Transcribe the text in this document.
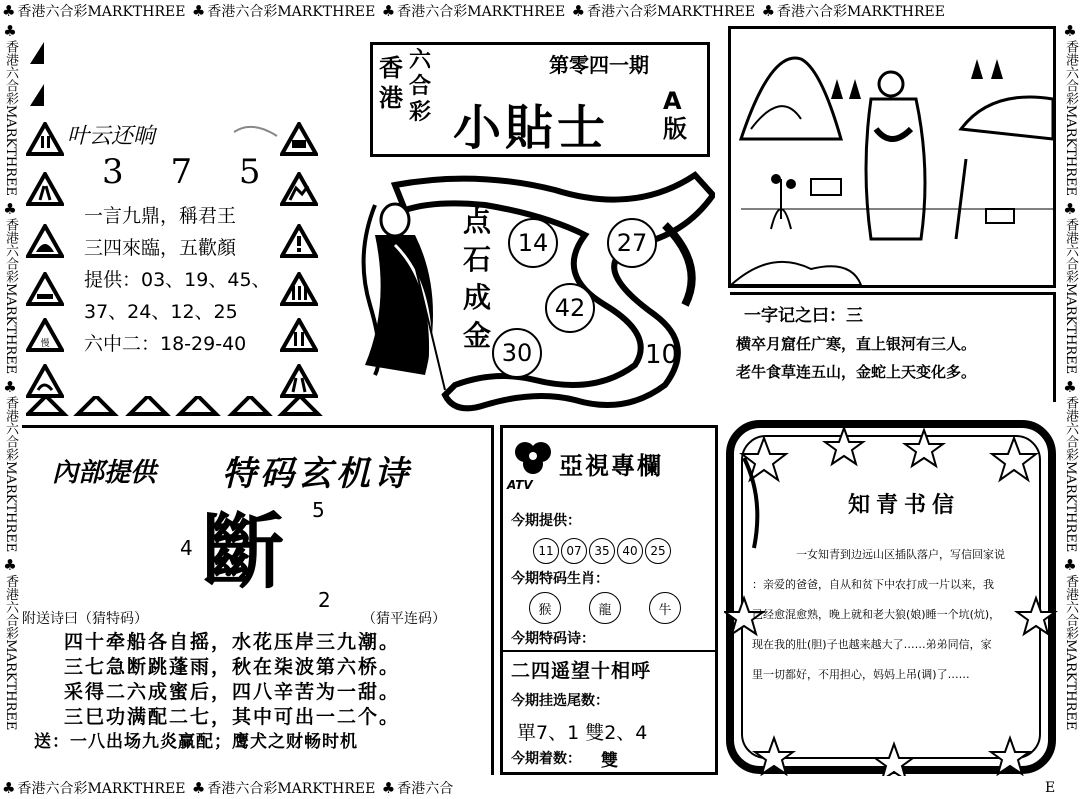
♣ 香港六合彩MARKTHREE ♣ 香港六合彩MARKTHREE ♣ 香港六合彩MARKTHREE ♣ 香港六合彩MARKTHREE ♣ 香港六合彩MARKTHREE
♣ 香港六合彩MARKTHREE ♣ 香港六合彩MARKTHREE ♣ 香港六合	E
♣香港六合彩MARKTHREE ♣香港六合彩MARKTHREE ♣香港六合彩MARKTHREE ♣香港六合彩MARKTHREE
♣香港六合彩MARKTHREE ♣香港六合彩MARKTHREE ♣香港六合彩MARKTHREE ♣香港六合彩MARKTHREE
叶云还晌
3 7 5
一言九鼎，稱君王
三四來臨，五歡顏
提供：03、19、45、
37、24、12、25
六中二：18-29-40
慢
香
港
六
合
彩
第零四一期
小貼士 A版
点
石
成
金
14	27
42
30	10
一字记之曰：三
横卒月窟任广寒，直上银河有三人。
老牛食草连五山，金蛇上天变化多。
內部提供 特码玄机诗
4 斷 5
2
附送诗曰（猜特码）	（猜平连码）
四十牵船各自摇，水花压岸三九潮。
三七急断跳蓬雨，秋在柒波第六桥。
采得二六成蜜后，四八辛苦为一甜。
三巳功满配二七，其中可出一二个。
送：一八出场九炎赢配；鹰犬之财畅时机
ATV
亞視專欄
今期提供：
11 07 35 40 25
今期特码生肖：
猴	龍	牛
今期特码诗：
二四遥望十相呼
今期挂选尾数：
單7、1 雙2、4
今期着数： 雙
知青书信
一女知青到边远山区插队落户，写信回家说
：亲爱的爸爸，自从和贫下中农打成一片以来，我
已经愈混愈熟，晚上就和老大狼(娘)睡一个坑(炕)，
现在我的肚(胆)子也越来越大了……弟弟同信，家
里一切都好，不用担心，妈妈上吊(调)了……
